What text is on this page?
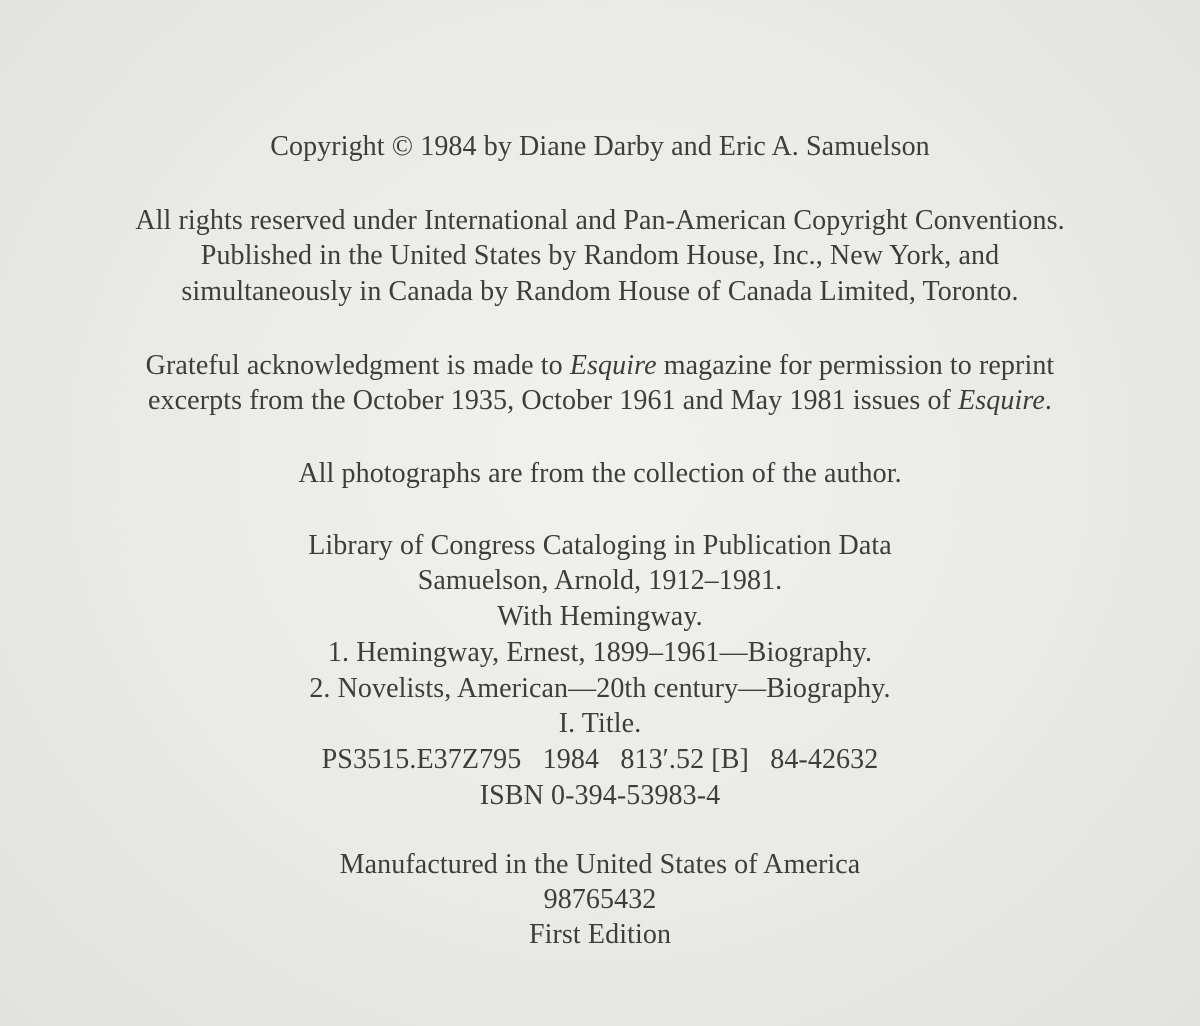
Copyright © 1984 by Diane Darby and Eric A. Samuelson
All rights reserved under International and Pan-American Copyright Conventions.
Published in the United States by Random House, Inc., New York, and
simultaneously in Canada by Random House of Canada Limited, Toronto.
Grateful acknowledgment is made to Esquire magazine for permission to reprint
excerpts from the October 1935, October 1961 and May 1981 issues of Esquire.
All photographs are from the collection of the author.
Library of Congress Cataloging in Publication Data
Samuelson, Arnold, 1912–1981.
With Hemingway.
1. Hemingway, Ernest, 1899–1961—Biography.
2. Novelists, American—20th century—Biography.
I. Title.
PS3515.E37Z795   1984   813′.52 [B]   84-42632
ISBN 0-394-53983-4
Manufactured in the United States of America
98765432
First Edition
